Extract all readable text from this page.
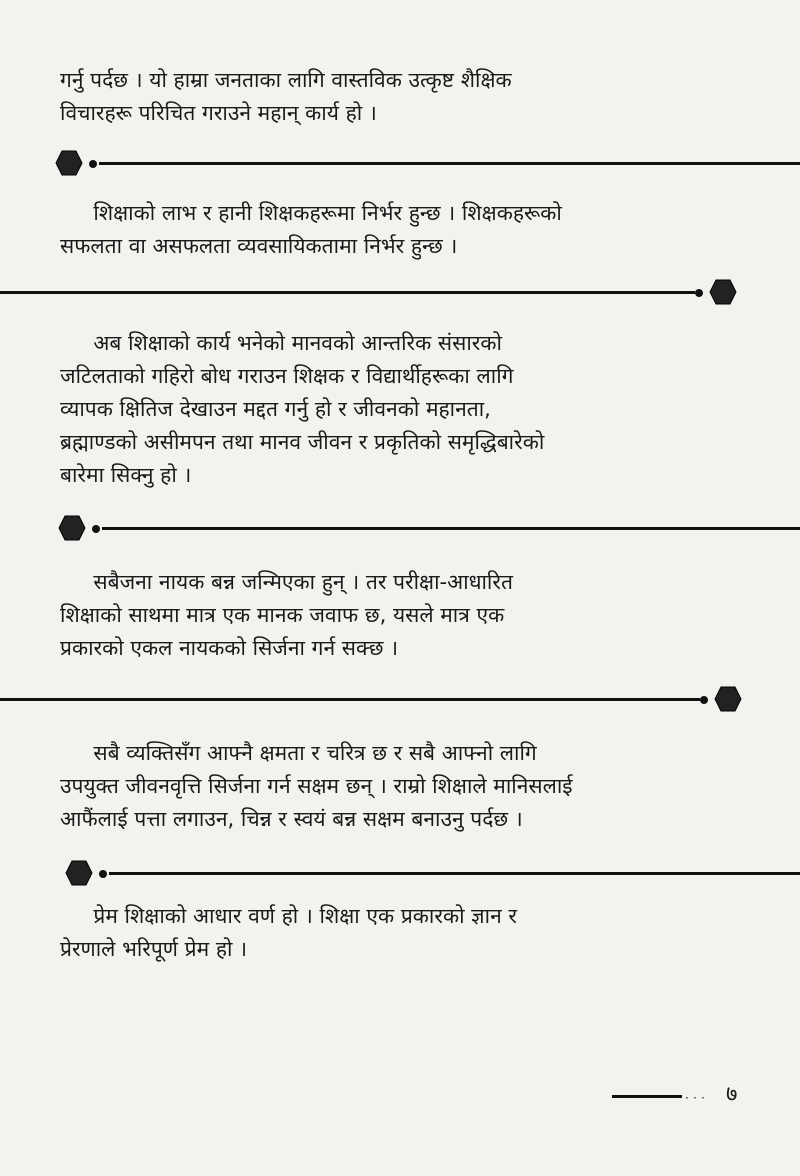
गर्नु पर्दछ । यो हाम्रा जनताका लागि वास्तविक उत्कृष्ट शैक्षिक
विचारहरू परिचित गराउने महान् कार्य हो ।

शिक्षाको लाभ र हानी शिक्षकहरूमा निर्भर हुन्छ । शिक्षकहरूको
सफलता वा असफलता व्यवसायिकतामा निर्भर हुन्छ ।

अब शिक्षाको कार्य भनेको मानवको आन्तरिक संसारको
जटिलताको गहिरो बोध गराउन शिक्षक र विद्यार्थीहरूका लागि
व्यापक क्षितिज देखाउन मद्दत गर्नु हो र जीवनको महानता,
ब्रह्माण्डको असीमपन तथा मानव जीवन र प्रकृतिको समृद्धिबारेको
बारेमा सिक्नु हो ।

सबैजना नायक बन्न जन्मिएका हुन् । तर परीक्षा-आधारित
शिक्षाको साथमा मात्र एक मानक जवाफ छ, यसले मात्र एक
प्रकारको एकल नायकको सिर्जना गर्न सक्छ ।

सबै व्यक्तिसँग आफ्नै क्षमता र चरित्र छ र सबै आफ्नो लागि
उपयुक्त जीवनवृत्ति सिर्जना गर्न सक्षम छन् । राम्रो शिक्षाले मानिसलाई
आफैंलाई पत्ता लगाउन, चिन्न र स्वयं बन्न सक्षम बनाउनु पर्दछ ।

प्रेम शिक्षाको आधार वर्ण हो । शिक्षा एक प्रकारको ज्ञान र
प्रेरणाले भरिपूर्ण प्रेम हो ।

··· ७
